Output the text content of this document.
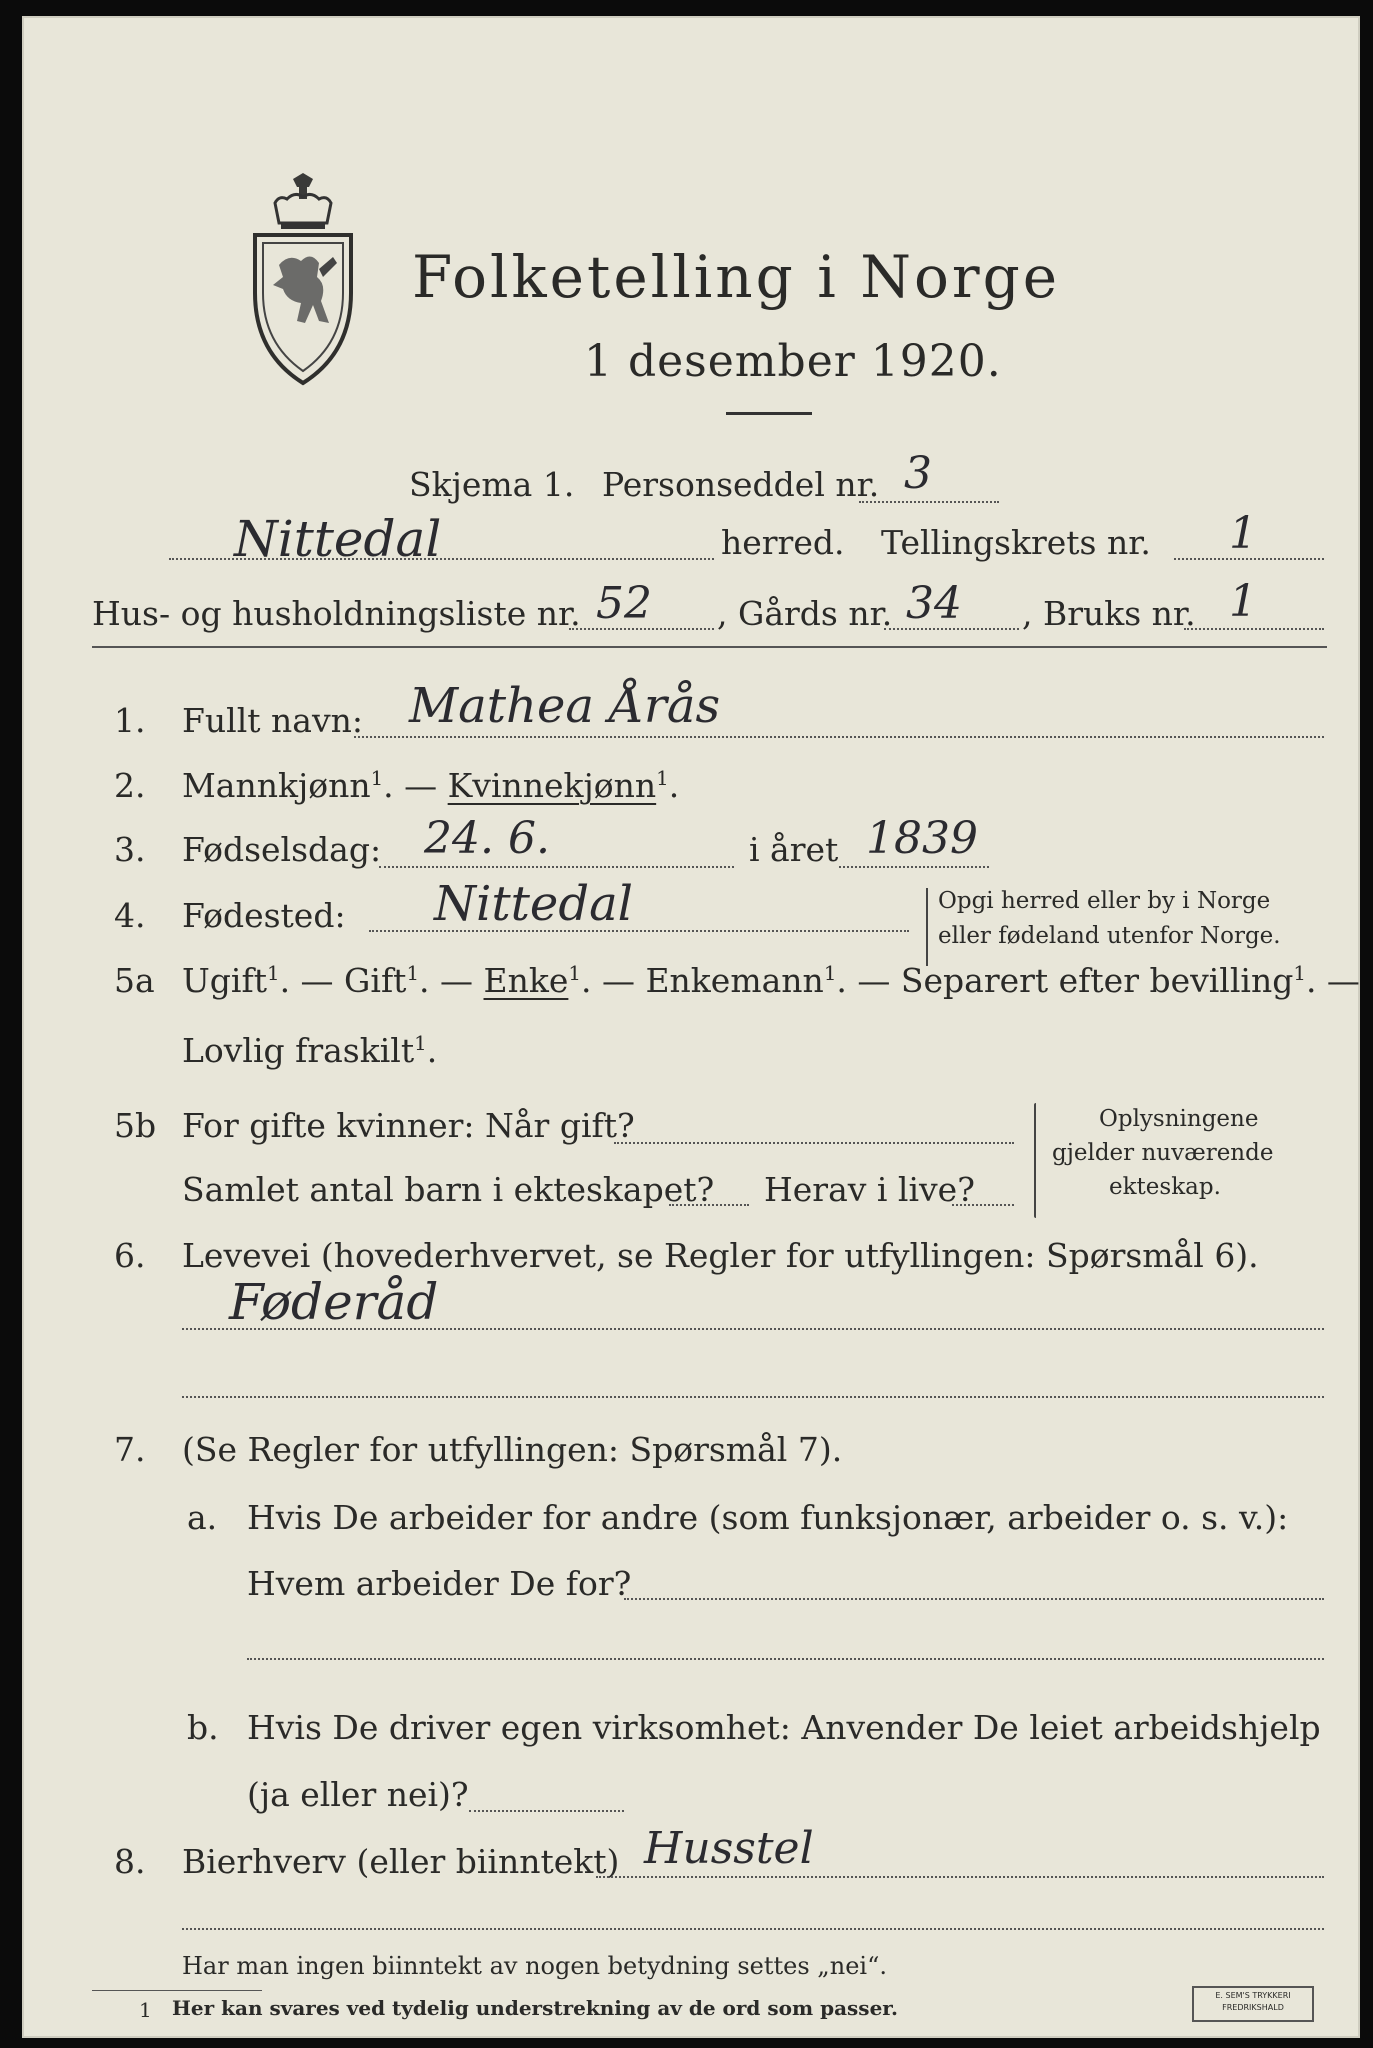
Folketelling i Norge
1 desember 1920.
Skjema 1. Personseddel nr. 3
Nittedal	herred. Tellingskrets nr. 1
Hus- og husholdningsliste nr. 52 , Gårds nr. 34 , Bruks nr. 1
1. Fullt navn: Mathea Årås
2. Mannkjønn$^1$. — Kvinnekjønn$^1$.
3. Fødselsdag: 24. 6.	i året 1839
4. Fødested: Nittedal	Opgi herred eller by i Norge
eller fødeland utenfor Norge.
5a Ugift$^1$. — Gift$^1$. — Enke$^1$. — Enkemann$^1$. — Separert efter bevilling$^1$. —
Lovlig fraskilt$^1$.
5b For gifte kvinner: Når gift?
Samlet antal barn i ekteskapet? Herav i live?
Oplysningene
gjelder nuværende
ekteskap.
6. Levevei (hovederhvervet, se Regler for utfyllingen: Spørsmål 6).
Føderåd
7. (Se Regler for utfyllingen: Spørsmål 7).
a. Hvis De arbeider for andre (som funksjonær, arbeider o. s. v.):
Hvem arbeider De for?
b. Hvis De driver egen virksomhet: Anvender De leiet arbeidshjelp
(ja eller nei)?
8. Bierhverv (eller biinntekt) Husstel
Har man ingen biinntekt av nogen betydning settes „nei“.
1 Her kan svares ved tydelig understrekning av de ord som passer.
E. SEM'S TRYKKERI
FREDRIKSHALD
